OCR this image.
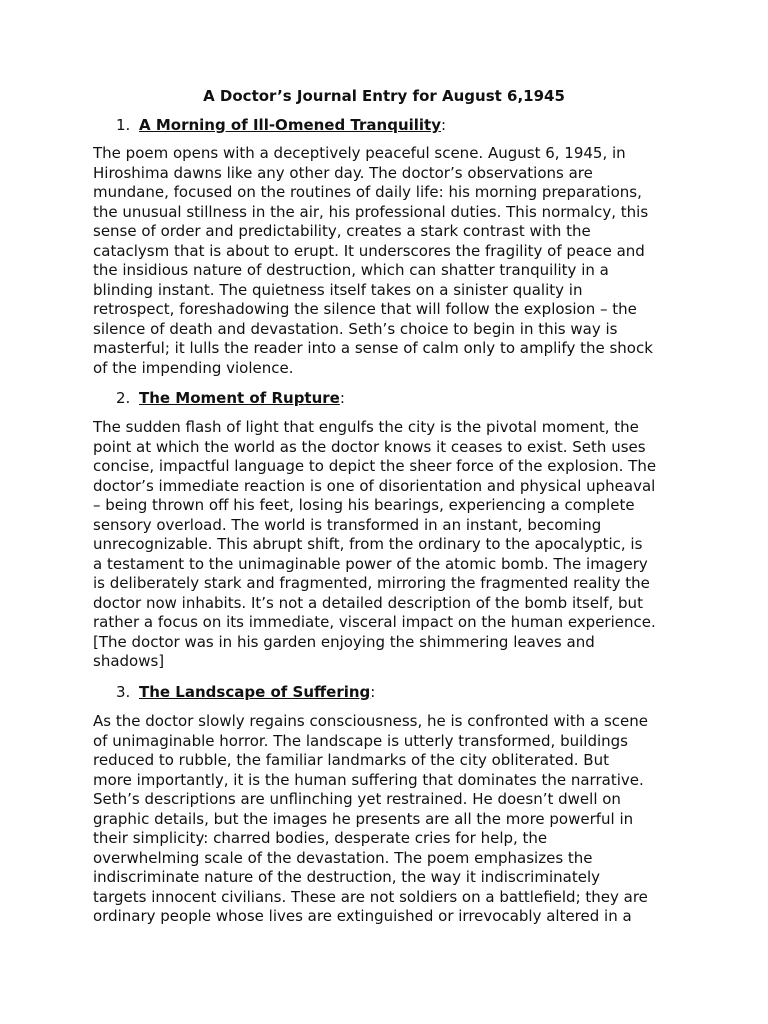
A Doctor’s Journal Entry for August 6,1945
1. A Morning of Ill-Omened Tranquility:
The poem opens with a deceptively peaceful scene. August 6, 1945, in
Hiroshima dawns like any other day. The doctor’s observations are
mundane, focused on the routines of daily life: his morning preparations,
the unusual stillness in the air, his professional duties. This normalcy, this
sense of order and predictability, creates a stark contrast with the
cataclysm that is about to erupt. It underscores the fragility of peace and
the insidious nature of destruction, which can shatter tranquility in a
blinding instant. The quietness itself takes on a sinister quality in
retrospect, foreshadowing the silence that will follow the explosion – the
silence of death and devastation. Seth’s choice to begin in this way is
masterful; it lulls the reader into a sense of calm only to amplify the shock
of the impending violence.
2. The Moment of Rupture:
The sudden flash of light that engulfs the city is the pivotal moment, the
point at which the world as the doctor knows it ceases to exist. Seth uses
concise, impactful language to depict the sheer force of the explosion. The
doctor’s immediate reaction is one of disorientation and physical upheaval
– being thrown off his feet, losing his bearings, experiencing a complete
sensory overload. The world is transformed in an instant, becoming
unrecognizable. This abrupt shift, from the ordinary to the apocalyptic, is
a testament to the unimaginable power of the atomic bomb. The imagery
is deliberately stark and fragmented, mirroring the fragmented reality the
doctor now inhabits. It’s not a detailed description of the bomb itself, but
rather a focus on its immediate, visceral impact on the human experience.
[The doctor was in his garden enjoying the shimmering leaves and
shadows]
3. The Landscape of Suffering:
As the doctor slowly regains consciousness, he is confronted with a scene
of unimaginable horror. The landscape is utterly transformed, buildings
reduced to rubble, the familiar landmarks of the city obliterated. But
more importantly, it is the human suffering that dominates the narrative.
Seth’s descriptions are unflinching yet restrained. He doesn’t dwell on
graphic details, but the images he presents are all the more powerful in
their simplicity: charred bodies, desperate cries for help, the
overwhelming scale of the devastation. The poem emphasizes the
indiscriminate nature of the destruction, the way it indiscriminately
targets innocent civilians. These are not soldiers on a battlefield; they are
ordinary people whose lives are extinguished or irrevocably altered in a
